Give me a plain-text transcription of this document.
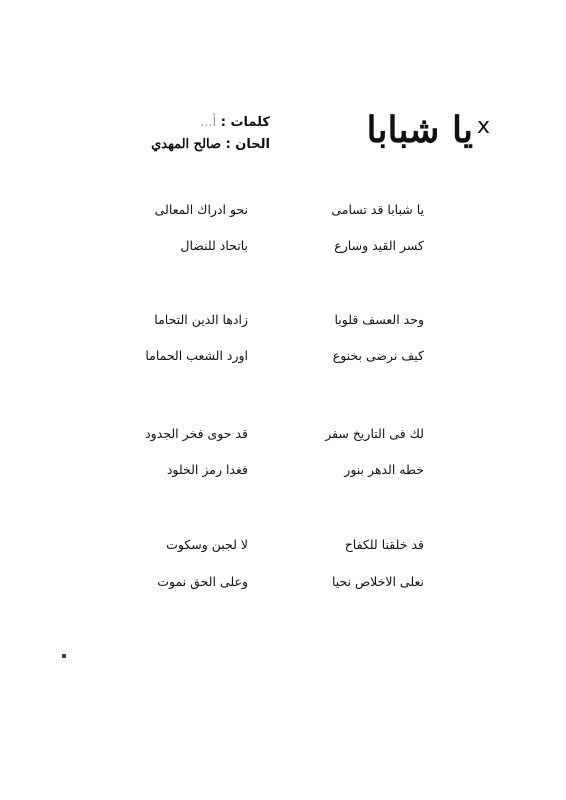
x
يا شبابا
كلمات : أ...
الحان : صالح المهدي
يا شبابا قد تسامى
نحو ادراك المعالى
كسر القيد وسارع
باتحاد للنضال
وحد العسف قلوبا
زادها الدين التحاما
كيف نرضى بخنوع
اورد الشعب الحماما
لك فى التاريخ سفر
قد حوى فخر الجدود
خطه الدهر بنور
فغدا رمز الخلود
قد خلقنا للكفاح
لا لجبن وسكوت
نعلى الاخلاص نحيا
وعلى الحق نموت
